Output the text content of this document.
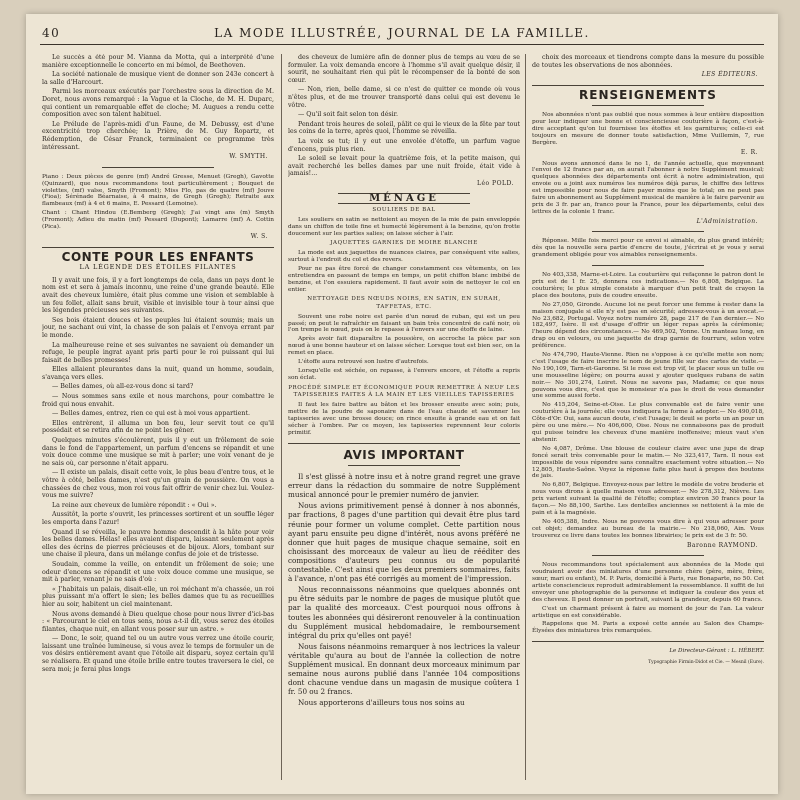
40	LA MODE ILLUSTRÉE, JOURNAL DE LA FAMILLE.

Le succès a été pour M. Vianna da Motta, qui a interprété d'une manière exceptionnelle le concerto en mi bémol, de Beethoven.

La société nationale de musique vient de donner son 243e concert à la salle d'Harcourt.

Parmi les morceaux exécutés par l'orchestre sous la direction de M. Doret, nous avons remarqué : la Vague et la Cloche, de M. H. Duparc, qui contient un remarquable effet de cloche; M. Augues a rendu cette composition avec son talent habituel.

Le Prélude de l'après-midi d'un Faune, de M. Debussy, est d'une excentricité trop cherchée; la Prière, de M. Guy Ropartz, et Rédemption, de César Franck, terminaient ce programme très intéressant.

W. SMYTH.

Piano : Deux pièces de genre (mf) André Gresse, Menuet (Gregh), Gavotte (Quinzard), que nous recommandons tout particulièrement ; Bouquet de violettes, (mf) valse, Smyth (Fromont); Miss Flo, pas de quatre (mf) Jouve (Fioa); Sérénade Béarnaise, à 4 mains, de Gregh (Gregh); Retraite aux flambeaux (mf) à 4 et 6 mains, E. Pessard (Lemoine).

Chant : Chant Hindou (E.Bemberg (Gregh); J'ai vingt ans (m) Smyth (Fromont); Adieu du matin (mf) Pessard (Dupont); Lamarre (mf) A. Cottin (Pica).

W. S.
CONTE POUR LES ENFANTS
LA LÉGENDE DES ÉTOILES FILANTES

Il y avait une fois, il y a fort longtemps de cela, dans un pays dont le nom est et sera à jamais inconnu, une reine d'une grande beauté. Elle avait des cheveux lumière, était plus comme une vision et semblable à un feu follet, allait sans bruit, visible et invisible tour à tour ainsi que les légendes précieuses ses suivantes.

Ses bois étaient douces et les peuples lui étaient soumis; mais un jour, ne sachant oui vint, la chasse de son palais et l'envoya errant par le monde.

La malheureuse reine et ses suivantes ne savaient où demander un refuge, le peuple ingrat ayant pris parti pour le roi puissant qui lui faisait de belles promesses!

Elles allaient pleurantes dans la nuit, quand un homme, soudain, s'avança vers elles.

— Belles dames, où all-ez-vous donc si tard?

— Nous sommes sans exile et nous marchons, pour combattre le froid qui nous envahit.

— Belles dames, entrez, rien ce qui est à moi vous appartient.

Elles entrèrent, il alluma un bon feu, leur servit tout ce qu'il possédait et se retira afin de ne point les gêner.

Quelques minutes s'écoulèrent, puis il y eut un frôlement de soie dans le fond de l'appartement, un parfum d'encens se répandit et une voix douce comme une musique se mit à parler; une voix venant de je ne sais où, car personne n'était apparu.

— Il existe un palais, disait cette voix, le plus beau d'entre tous, et le vôtre à côté, belles dames, n'est qu'un grain de poussière. On vous a chassées de chez vous, mon roi vous fait offrir de venir chez lui. Voulez-vous me suivre?

La reine aux cheveux de lumière répondit : « Oui ».

Aussitôt, la porte s'ouvrit, les princesses sortirent et un souffle léger les emporta dans l'azur!

Quand il se réveilla, le pauvre homme descendit à la hâte pour voir les belles dames. Hélas! elles avaient disparu, laissant seulement après elles des écrins de pierres précieuses et de bijoux. Alors, tombant sur une chaise il pleura, dans un mélange confus de joie et de tristesse.

Soudain, comme la veille, on entendit un frôlement de soie; une odeur d'encens se répandit et une voix douce comme une musique, se mit à parler, venant je ne sais d'où :

« J'habitais un palais, disait-elle, un roi méchant m'a chassée, un roi plus puissant m'a offert le sien; les belles dames que tu as recueillies hier au soir, habitent un ciel maintenant.

Nous avons demandé à Dieu quelque chose pour nous livrer d'ici-bas : « Parcourant le ciel en tous sens, nous a-t-il dit, vous serez des étoiles filantes, chaque nuit, en allant vous poser sur un astre. »

— Donc, le soir, quand tel ou un autre vous verrez une étoile courir, laissant une traînée lumineuse, si vous avez le temps de formuler un de vos désirs entièrement avant que l'étoile ait disparu, soyez certain qu'il se réalisera. Et quand une étoile brille entre toutes traversera le ciel, ce sera moi; je ferai plus longs

des cheveux de lumière afin de donner plus de temps au vœu de se formuler. La voix demanda encore à l'homme s'il avait quelque désir, il sourit, ne souhaitant rien qui pût le récompenser de la bonté de son cœur.

— Non, rien, belle dame, si ce n'est de quitter ce monde où vous n'êtes plus, et de me trouver transporté dans celui qui est devenu le vôtre.

— Qu'il soit fait selon ton désir.

Pendant trois heures de soleil, pâlit ce qui le vieux de la fête par tout les coins de la terre, après quoi, l'homme se réveilla.

La voix se tut; il y eut une envolée d'étoffe, un parfum vague d'encens, puis plus rien.

Le soleil se levait pour la quatrième fois, et la petite maison, qui avait recherché les belles dames par une nuit froide, était vide à jamais!...

Léo POLD.
MÉNAGE
SOULIERS DE BAL

Les souliers en satin se nettoient au moyen de la mie de pain enveloppée dans un chiffon de toile fine et humecté légèrement à la benzine, qu'on frotte doucement sur les parties salies; on laisse sécher à l'air.

JAQUETTES GARNIES DE MOIRE BLANCHE

La mode est aux jaquettes de nuances claires, par conséquent vite salies, surtout à l'endroit du col et des revers.

Pour ne pas être forcé de changer constamment ces vêtements, on les entretiendra en passant de temps en temps, un petit chiffon blanc imbibé de benzine, et l'on essuiera rapidement. Il faut avoir soin de nettoyer le col en entier.

NETTOYAGE DES NŒUDS NOIRS, EN SATIN, EN SURAH, TAFFETAS, ETC.

Souvent une robe noire est parée d'un nœud de ruban, qui est un peu passé; on peut le rafraîchir en faisant un bain très concentré de café noir, où l'on trempe le nœud, puis on le repasse à l'envers sur une étoffe de laine.

Après avoir fait disparaître la poussière, on accroche la pièce par son nœud à une bonne hauteur et on laisse sécher. Lorsque tout est bien sec, on la remet en place.

L'étoffe aura retrouvé son lustre d'autrefois.

Lorsqu'elle est séchée, on repasse, à l'envers encore, et l'étoffe a repris son éclat.

PROCÉDÉ SIMPLE ET ÉCONOMIQUE POUR REMETTRE À NEUF LES TAPISSERIES FAITES À LA MAIN ET LES VIEILLES TAPISSERIES

Il faut les faire battre au bâton et les brosser ensuite avec soin; puis, mettre de la poudre de saponaire dans de l'eau chaude et savonner les tapisseries avec une brosse douce; on rince ensuite à grande eau et on fait sécher à l'ombre. Par ce moyen, les tapisseries reprennent leur coloris primitif.

AVIS IMPORTANT

Il s'est glissé à notre insu et à notre grand regret une grave erreur dans la rédaction du sommaire de notre Supplément musical annoncé pour le premier numéro de janvier.

Nous avions primitivement pensé à donner à nos abonnés, par fractions, 8 pages d'une partition qui devait être plus tard réunie pour former un volume complet. Cette partition nous ayant paru ensuite peu digne d'intérêt, nous avons préféré ne donner que huit pages de musique chaque semaine, soit en choisissant des morceaux de valeur au lieu de rééditer des compositions d'auteurs peu connus ou de popularité contestable. C'est ainsi que les deux premiers sommaires, faits à l'avance, n'ont pas été corrigés au moment de l'impression.

Nous reconnaissons néanmoins que quelques abonnés ont pu être séduits par le nombre de pages de musique plutôt que par la qualité des morceaux. C'est pourquoi nous offrons à toutes les abonnées qui désireront renouveler à la continuation du Supplément musical hebdomadaire, le remboursement intégral du prix qu'elles ont payé!

Nous faisons néanmoins remarquer à nos lectrices la valeur véritable qu'aura au bout de l'année la collection de notre Supplément musical. En donnant deux morceaux minimum par semaine nous aurons publié dans l'année 104 compositions dont chacune vendue dans un magasin de musique coûtera 1 fr. 50 ou 2 francs.

Nous apporterons d'ailleurs tous nos soins au

choix des morceaux et tiendrons compte dans la mesure du possible de toutes les observations de nos abonnées.

LES ÉDITEURS.
RENSEIGNEMENTS

Nos abonnées n'ont pas oublié que nous sommes à leur entière disposition pour leur indiquer une bonne et consciencieuse couturière à façon, c'est-à-dire acceptant qu'on lui fournisse les étoffes et les garnitures; celle-ci est toujours en mesure de donner toute satisfaction, Mme Vuillemin, 7, rue Bergère.

E. R.

Nous avons annoncé dans le no 1, de l'année actuelle, que moyennant l'envoi de 12 francs par an, on aurait l'abonner à notre Supplément musical; quelques abonnées des départements ont écrit à notre administration, qui envoie ou a joint aux numéros les numéros déjà parus, le chiffre des lettres est impossible pour nous de faire payer moins que le total; on ne peut pas faire un abonnement au Supplément musical de manière à le faire parvenir au prix de 3 fr. par an, franco pour la France, pour les départements, celui des lettres de la colonie 1 franc.

L'Administration.

Réponse. Mille fois merci pour ce envoi si aimable, du plus grand intérêt; dès que la nouvelle sera partie d'encre de toute, j'écrirai et je vous y serai grandement obligée pour vos aimables renseignements.

No 403,338, Marne-et-Loire. La couturière qui refaçonne le patron dont le prix est de 1 fr. 25, donnera ces indications.— No 6,808, Belgique. La couturière; le plus simple consiste à marquer d'un petit trait de crayon la place des boutons, puis de coudre ensuite.

No 27,050, Gironde. Aucune loi ne peut forcer une femme à rester dans la maison conjugale si elle n'y est pas en sécurité; adressez-vous à un avocat.— No 23,682, Portugal. Voyez notre numéro 28, page 217 de l'an dernier.— No 182,497, Isère. Il est d'usage d'offrir un léger repas après la cérémonie; l'heure dépend des circonstances.— No 469,502, Yonne. Un manteau long, en drap ou en velours, ou une jaquette de drap garnie de fourrure, selon votre préférence.

No 474,790, Haute-Vienne. Rien ne s'oppose à ce qu'elle mette son nom; c'est l'usage de faire inscrire le nom de jeune fille sur des cartes de visite.— No 190,109, Tarn-et-Garonne. Si le rose est trop vif, le placer sous un tulle ou une mousseline légère; on pourra aussi y ajouter quelques rubans de satin noir.— No 301,274, Loiret. Nous ne savons pas, Madame; ce que nous pouvons vous dire, c'est que le monsieur n'a pas le droit de vous demander une somme aussi forte.

No 415,204, Seine-et-Oise. Le plus convenable est de faire venir une couturière à la journée; elle vous indiquera la forme à adopter.— No 490,018, Côte-d'Or. Oui, sans aucun doute, c'est l'usage; le deuil se porte un an pour un père ou une mère.— No 406,600, Oise. Nous ne connaissons pas de produit qui puisse teindre les cheveux d'une manière inoffensive; mieux vaut s'en abstenir.

No 4,087, Drôme. Une blouse de couleur claire avec une jupe de drap foncé serait très convenable pour le matin.— No 323,417, Tarn. Il nous est impossible de vous répondre sans connaître exactement votre situation.— No 12,805, Haute-Saône. Voyez la réponse faite plus haut à propos des boutons de jais.

No 6,807, Belgique. Envoyez-nous par lettre le modèle de votre broderie et nous vous dirons à quelle maison vous adresser.— No 278,312, Nièvre. Les prix varient suivant la qualité de l'étoffe; comptez environ 30 francs pour la façon.— No 88,100, Sarthe. Les dentelles anciennes se nettoient à la mie de pain et à la magnésie.

No 405,388, Indre. Nous ne pouvons vous dire à qui vous adresser pour cet objet; demandez au bureau de la mairie.— No 218,060, Ain. Vous trouverez ce livre dans toutes les bonnes librairies; le prix est de 3 fr. 50.

Baronne RAYMOND.

Nous recommandons tout spécialement aux abonnées de la Mode qui voudraient avoir des miniatures d'une personne chère (père, mère, frère, sœur, mari ou enfant), M. P. Paris, domicilié à Paris, rue Bonaparte, no 50. Cet artiste consciencieux reproduit admirablement la ressemblance. Il suffit de lui envoyer une photographie de la personne et indiquer la couleur des yeux et des cheveux. Il peut donner un portrait, suivant la grandeur, depuis 60 francs.

C'est un charmant présent à faire au moment de jour de l'an. La valeur artistique en est considérable.

Rappelons que M. Paris a exposé cette année au Salon des Champs-Élysées des miniatures très remarquées.

Le Directeur-Gérant : L. HÉBERT.
Typographie Firmin-Didot et Cie. — Mesnil (Eure).
